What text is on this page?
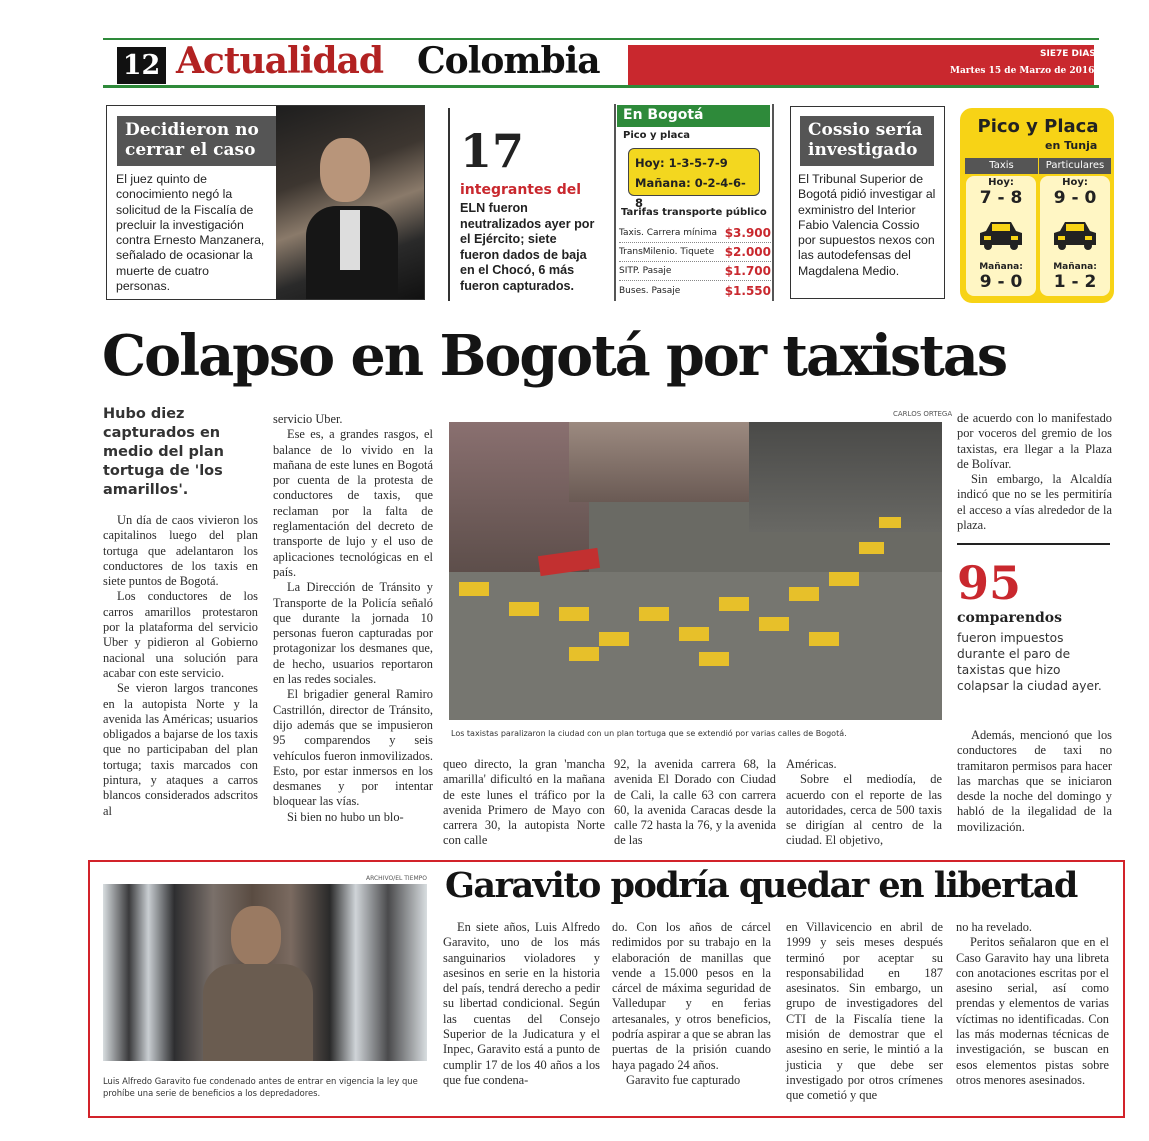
12 Actualidad Colombia	SIE7E DIAS
Martes 15 de Marzo de 2016
Decidieron no
cerrar el caso
El juez quinto de conocimiento negó la solicitud de la Fiscalía de precluir la investigación contra Ernesto Manzanera, señalado de ocasionar la muerte de cuatro personas.
17
integrantes del
ELN fueron neutralizados ayer por el Ejército; siete fueron dados de baja en el Chocó, 6 más fueron capturados.
En Bogotá
Pico y placa
Hoy: 1-3-5-7-9
Mañana: 0-2-4-6-8
Tarifas transporte público
Taxis. Carrera mínima $3.900
TransMilenio. Tiquete $2.000
SITP. Pasaje	$1.700
Buses. Pasaje	$1.550
Cossio sería
investigado
El Tribunal Superior de Bogotá pidió investigar al exministro del Interior Fabio Valencia Cossio por supuestos nexos con las autodefensas del Magdalena Medio.
Pico y Placa
en Tunja
Taxis	Particulares
Hoy:
7 - 8
Hoy:
9 - 0
Mañana:
9 - 0
Mañana:
1 - 2
Colapso en Bogotá por taxistas
Hubo diez capturados en medio del plan tortuga de 'los amarillos'.
CARLOS ORTEGA
Los taxistas paralizaron la ciudad con un plan tortuga que se extendió por varias calles de Bogotá.

Un día de caos vivieron los capitalinos luego del plan tortuga que adelantaron los conductores de los taxis en siete puntos de Bogotá.

Los conductores de los carros amarillos protestaron por la plataforma del servicio Uber y pidieron al Gobierno nacional una solución para acabar con este servicio.

Se vieron largos trancones en la autopista Norte y la avenida las Américas; usuarios obligados a bajarse de los taxis que no participaban del plan tortuga; taxis marcados con pintura, y ataques a carros blancos considerados adscritos al

servicio Uber.

Ese es, a grandes rasgos, el balance de lo vivido en la mañana de este lunes en Bogotá por cuenta de la protesta de conductores de taxis, que reclaman por la falta de reglamentación del decreto de transporte de lujo y el uso de aplicaciones tecnológicas en el país.

La Dirección de Tránsito y Transporte de la Policía señaló que durante la jornada 10 personas fueron capturadas por protagonizar los desmanes que, de hecho, usuarios reportaron en las redes sociales.

El brigadier general Ramiro Castrillón, director de Tránsito, dijo además que se impusieron 95 comparendos y seis vehículos fueron inmovilizados. Esto, por estar inmersos en los desmanes y por intentar bloquear las vías.

Si bien no hubo un blo-

queo directo, la gran 'mancha amarilla' dificultó en la mañana de este lunes el tráfico por la avenida Primero de Mayo con carrera 30, la autopista Norte con calle

92, la avenida carrera 68, la avenida El Dorado con Ciudad de Cali, la calle 63 con carrera 60, la avenida Caracas desde la calle 72 hasta la 76, y la avenida de las

Américas.

Sobre el mediodía, de acuerdo con el reporte de las autoridades, cerca de 500 taxis se dirigían al centro de la ciudad. El objetivo,

de acuerdo con lo manifestado por voceros del gremio de los taxistas, era llegar a la Plaza de Bolívar.

Sin embargo, la Alcaldía indicó que no se les permitiría el acceso a vías alrededor de la plaza.

95
comparendos
fueron impuestos durante el paro de taxistas que hizo colapsar la ciudad ayer.

Además, mencionó que los conductores de taxi no tramitaron permisos para hacer las marchas que se iniciaron desde la noche del domingo y habló de la ilegalidad de la movilización.

ARCHIVO/EL TIEMPO
Luis Alfredo Garavito fue condenado antes de entrar en vigencia la ley que prohíbe una serie de beneficios a los depredadores.
Garavito podría quedar en libertad

En siete años, Luis Alfredo Garavito, uno de los más sanguinarios violadores y asesinos en serie en la historia del país, tendrá derecho a pedir su libertad condicional. Según las cuentas del Consejo Superior de la Judicatura y el Inpec, Garavito está a punto de cumplir 17 de los 40 años a los que fue condena-

do. Con los años de cárcel redimidos por su trabajo en la elaboración de manillas que vende a 15.000 pesos en la cárcel de máxima seguridad de Valledupar y en ferias artesanales, y otros beneficios, podría aspirar a que se abran las puertas de la prisión cuando haya pagado 24 años.

Garavito fue capturado

en Villavicencio en abril de 1999 y seis meses después terminó por aceptar su responsabilidad en 187 asesinatos. Sin embargo, un grupo de investigadores del CTI de la Fiscalía tiene la misión de demostrar que el asesino en serie, le mintió a la justicia y que debe ser investigado por otros crímenes que cometió y que

no ha revelado.

Peritos señalaron que en el Caso Garavito hay una libreta con anotaciones escritas por el asesino serial, así como prendas y elementos de varias víctimas no identificadas. Con las más modernas técnicas de investigación, se buscan en esos elementos pistas sobre otros menores asesinados.
